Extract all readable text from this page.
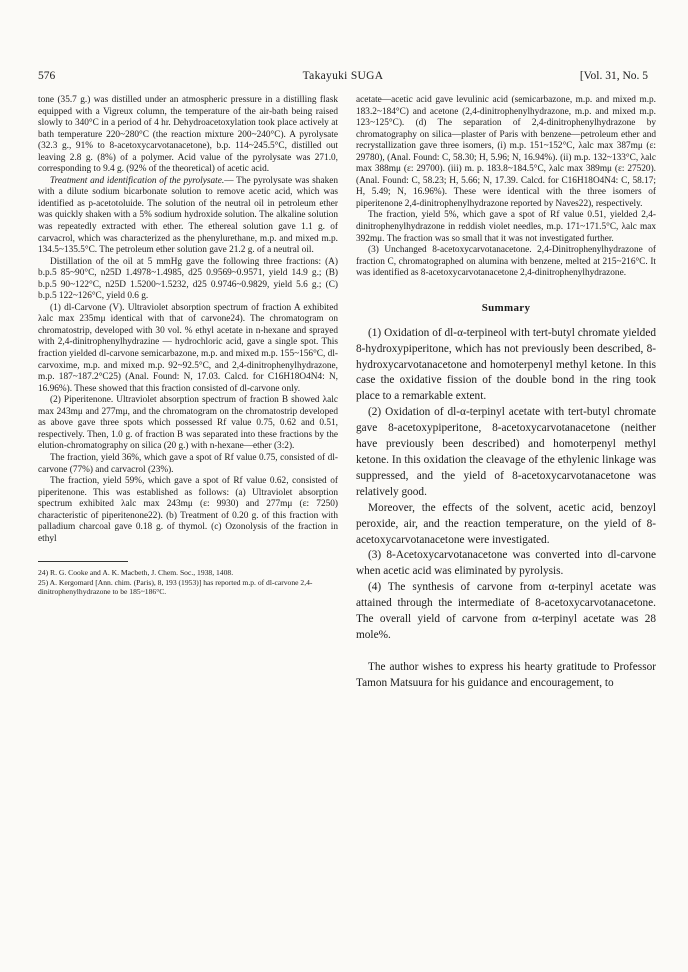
576	Takayuki SUGA	[Vol. 31, No. 5

tone (35.7 g.) was distilled under an atmospheric pressure in a distilling flask equipped with a Vigreux column, the temperature of the air-bath being raised slowly to 340°C in a period of 4 hr. Dehydroacetoxylation took place actively at bath temperature 220~280°C (the reaction mixture 200~240°C). A pyrolysate (32.3 g., 91% to 8-acetoxycarvotanacetone), b.p. 114~245.5°C, distilled out leaving 2.8 g. (8%) of a polymer. Acid value of the pyrolysate was 271.0, corresponding to 9.4 g. (92% of the theoretical) of acetic acid.

Treatment and identification of the pyrolysate.— The pyrolysate was shaken with a dilute sodium bicarbonate solution to remove acetic acid, which was identified as p-acetotoluide. The solution of the neutral oil in petroleum ether was quickly shaken with a 5% sodium hydroxide solution. The alkaline solution was repeatedly extracted with ether. The ethereal solution gave 1.1 g. of carvacrol, which was characterized as the phenylurethane, m.p. and mixed m.p. 134.5~135.5°C. The petroleum ether solution gave 21.2 g. of a neutral oil.

Distillation of the oil at 5 mmHg gave the following three fractions: (A) b.p.5 85~90°C, n25D 1.4978~1.4985, d25 0.9569~0.9571, yield 14.9 g.; (B) b.p.5 90~122°C, n25D 1.5200~1.5232, d25 0.9746~0.9829, yield 5.6 g.; (C) b.p.5 122~126°C, yield 0.6 g.

(1) dl-Carvone (V). Ultraviolet absorption spectrum of fraction A exhibited λalc max 235mμ identical with that of carvone24). The chromatogram on chromatostrip, developed with 30 vol. % ethyl acetate in n-hexane and sprayed with 2,4-dinitrophenylhydrazine — hydrochloric acid, gave a single spot. This fraction yielded dl-carvone semicarbazone, m.p. and mixed m.p. 155~156°C, dl-carvoxime, m.p. and mixed m.p. 92~92.5°C, and 2,4-dinitrophenylhydrazone, m.p. 187~187.2°C25) (Anal. Found: N, 17.03. Calcd. for C16H18O4N4: N, 16.96%). These showed that this fraction consisted of dl-carvone only.

(2) Piperitenone. Ultraviolet absorption spectrum of fraction B showed λalc max 243mμ and 277mμ, and the chromatogram on the chromatostrip developed as above gave three spots which possessed Rf value 0.75, 0.62 and 0.51, respectively. Then, 1.0 g. of fraction B was separated into these fractions by the elution-chromatography on silica (20 g.) with n-hexane—ether (3:2).

The fraction, yield 36%, which gave a spot of Rf value 0.75, consisted of dl-carvone (77%) and carvacrol (23%).

The fraction, yield 59%, which gave a spot of Rf value 0.62, consisted of piperitenone. This was established as follows: (a) Ultraviolet absorption spectrum exhibited λalc max 243mμ (ε: 9930) and 277mμ (ε: 7250) characteristic of piperitenone22). (b) Treatment of 0.20 g. of this fraction with palladium charcoal gave 0.18 g. of thymol. (c) Ozonolysis of the fraction in ethyl

24) R. G. Cooke and A. K. Macbeth, J. Chem. Soc., 1938, 1408.

25) A. Kergomard [Ann. chim. (Paris), 8, 193 (1953)] has reported m.p. of dl-carvone 2,4-dinitrophenylhydrazone to be 185~186°C.

acetate—acetic acid gave levulinic acid (semicarbazone, m.p. and mixed m.p. 183.2~184°C) and acetone (2,4-dinitrophenylhydrazone, m.p. and mixed m.p. 123~125°C). (d) The separation of 2,4-dinitrophenylhydrazone by chromatography on silica—plaster of Paris with benzene—petroleum ether and recrystallization gave three isomers, (i) m.p. 151~152°C, λalc max 387mμ (ε: 29780), (Anal. Found: C, 58.30; H, 5.96; N, 16.94%). (ii) m.p. 132~133°C, λalc max 388mμ (ε: 29700). (iii) m. p. 183.8~184.5°C, λalc max 389mμ (ε: 27520). (Anal. Found: C, 58.23; H, 5.66; N, 17.39. Calcd. for C16H18O4N4: C, 58.17; H, 5.49; N, 16.96%). These were identical with the three isomers of piperitenone 2,4-dinitrophenylhydrazone reported by Naves22), respectively.

The fraction, yield 5%, which gave a spot of Rf value 0.51, yielded 2,4-dinitrophenylhydrazone in reddish violet needles, m.p. 171~171.5°C, λalc max 392mμ. The fraction was so small that it was not investigated further.

(3) Unchanged 8-acetoxycarvotanacetone. 2,4-Dinitrophenylhydrazone of fraction C, chromatographed on alumina with benzene, melted at 215~216°C. It was identified as 8-acetoxycarvotanacetone 2,4-dinitrophenylhydrazone.

Summary

(1) Oxidation of dl-α-terpineol with tert-butyl chromate yielded 8-hydroxypiperitone, which has not previously been described, 8-hydroxycarvotanacetone and homoterpenyl methyl ketone. In this case the oxidative fission of the double bond in the ring took place to a remarkable extent.

(2) Oxidation of dl-α-terpinyl acetate with tert-butyl chromate gave 8-acetoxypiperitone, 8-acetoxycarvotanacetone (neither have previously been described) and homoterpenyl methyl ketone. In this oxidation the cleavage of the ethylenic linkage was suppressed, and the yield of 8-acetoxycarvotanacetone was relatively good.

Moreover, the effects of the solvent, acetic acid, benzoyl peroxide, air, and the reaction temperature, on the yield of 8-acetoxycarvotanacetone were investigated.

(3) 8-Acetoxycarvotanacetone was converted into dl-carvone when acetic acid was eliminated by pyrolysis.

(4) The synthesis of carvone from α-terpinyl acetate was attained through the intermediate of 8-acetoxycarvotanacetone. The overall yield of carvone from α-terpinyl acetate was 28 mole%.

The author wishes to express his hearty gratitude to Professor Tamon Matsuura for his guidance and encouragement, to
